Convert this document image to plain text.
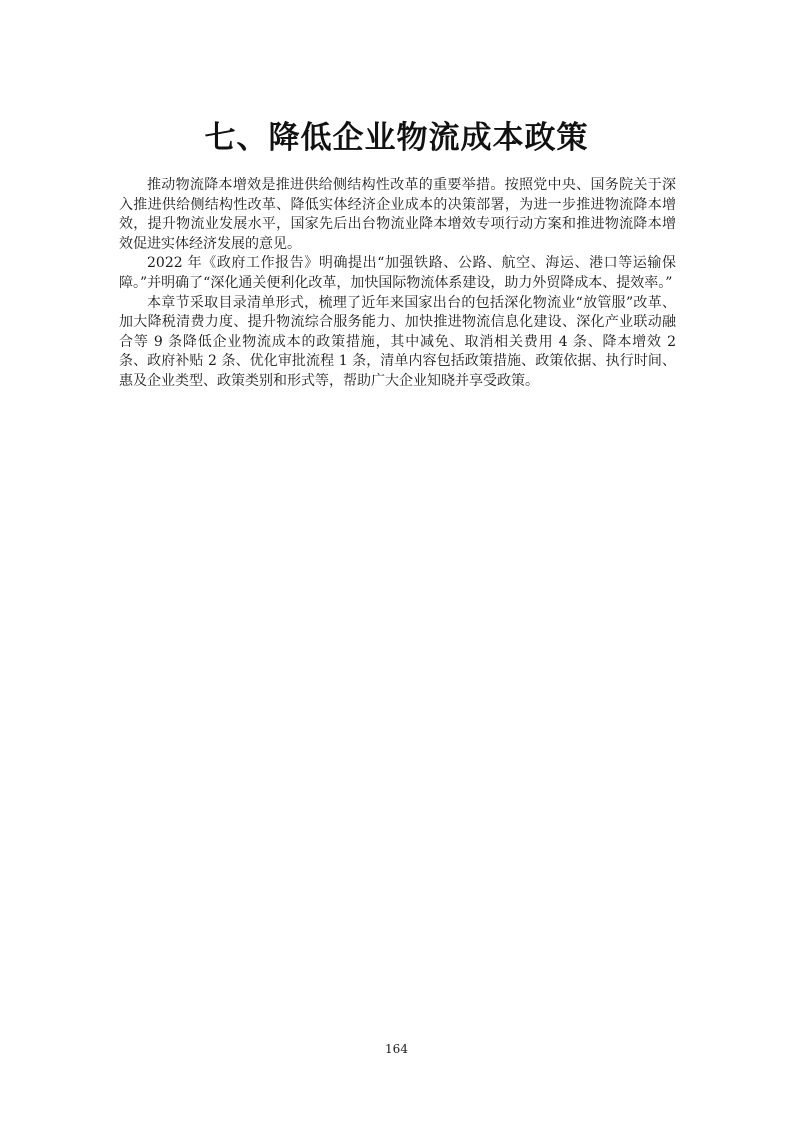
七、降低企业物流成本政策

推动物流降本增效是推进供给侧结构性改革的重要举措。按照党中央、国务院关于深入推进供给侧结构性改革、降低实体经济企业成本的决策部署，为进一步推进物流降本增效，提升物流业发展水平，国家先后出台物流业降本增效专项行动方案和推进物流降本增效促进实体经济发展的意见。

2022 年《政府工作报告》明确提出“加强铁路、公路、航空、海运、港口等运输保障。”并明确了“深化通关便利化改革，加快国际物流体系建设，助力外贸降成本、提效率。”

本章节采取目录清单形式，梳理了近年来国家出台的包括深化物流业“放管服”改革、加大降税清费力度、提升物流综合服务能力、加快推进物流信息化建设、深化产业联动融合等 9 条降低企业物流成本的政策措施，其中减免、取消相关费用 4 条、降本增效 2 条、政府补贴 2 条、优化审批流程 1 条，清单内容包括政策措施、政策依据、执行时间、惠及企业类型、政策类别和形式等，帮助广大企业知晓并享受政策。

164
